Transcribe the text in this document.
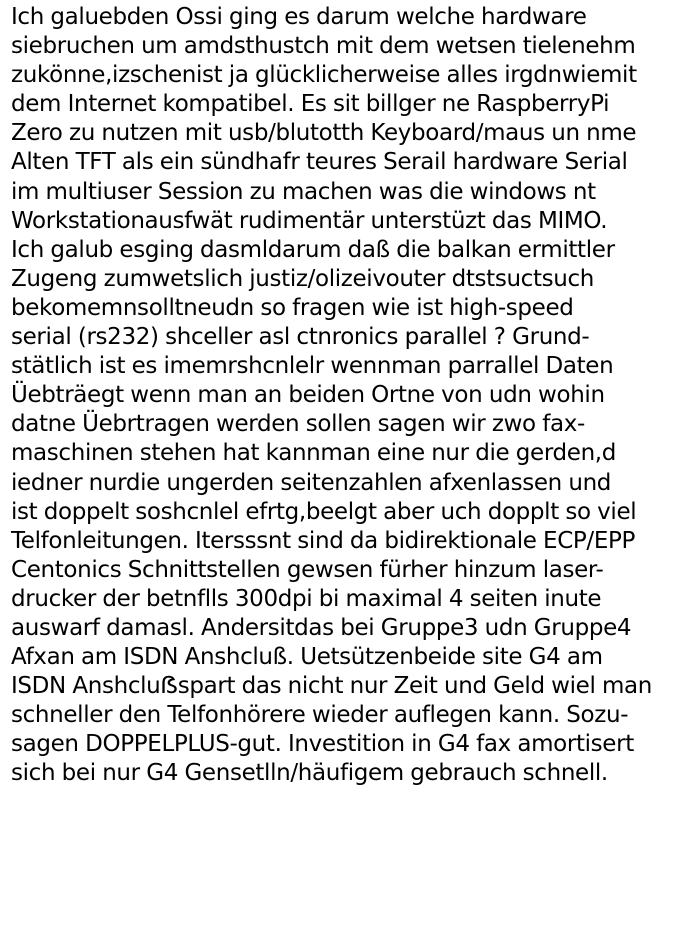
Ich galuebden Ossi ging es darum welche hardware
siebruchen um amdsthustch mit dem wetsen tielenehm
zukönne,izschenist ja glücklicherweise alles irgdnwiemit
dem Internet kompatibel. Es sit billger ne RaspberryPi
Zero zu nutzen mit usb/blutotth Keyboard/maus un nme
Alten TFT als ein sündhafr teures Serail hardware Serial
im multiuser Session zu machen was die windows nt
Workstationausfwät rudimentär unterstüzt das MIMO.
Ich galub esging dasmldarum daß die balkan ermittler
Zugeng zumwetslich justiz/olizeivouter dtstsuctsuch
bekomemnsolltneudn so fragen wie ist high-speed
serial (rs232) shceller asl ctnronics parallel ? Grund-
stätlich ist es imemrshcnlelr wennman parrallel Daten
Üebträegt wenn man an beiden Ortne von udn wohin
datne Üebrtragen werden sollen sagen wir zwo fax-
maschinen stehen hat kannman eine nur die gerden,d
iedner nurdie ungerden seitenzahlen afxenlassen und
ist doppelt soshcnlel efrtg,beelgt aber uch dopplt so viel
Telfonleitungen. Itersssnt sind da bidirektionale ECP/EPP
Centonics Schnittstellen gewsen fürher hinzum laser-
drucker der betnflls 300dpi bi maximal 4 seiten inute
auswarf damasl. Andersitdas bei Gruppe3 udn Gruppe4
Afxan am ISDN Anshcluß. Uetsützenbeide site G4 am
ISDN Anshcluẞspart das nicht nur Zeit und Geld wiel man
schneller den Telfonhörere wieder auflegen kann. Sozu-
sagen DOPPELPLUS-gut. Investition in G4 fax amortisert
sich bei nur G4 Gensetlln/häufigem gebrauch schnell.
